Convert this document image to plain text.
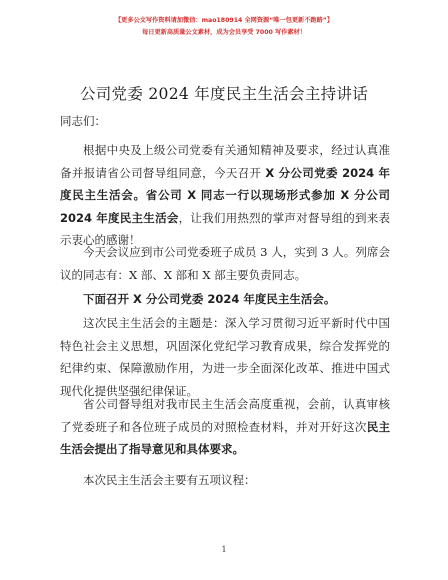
【更多公文写作资料请加微信：mao180914 全网资源“唯一包更新不跑路”】
每日更新高质量公文素材，成为会员享受 7000 写作素材！
公司党委 2024 年度民主生活会主持讲话

同志们：

根据中央及上级公司党委有关通知精神及要求，经过认真准备并报请省公司督导组同意，今天召开 X 分公司党委 2024 年度民主生活会。省公司 X 同志一行以现场形式参加 X 分公司 2024 年度民主生活会，让我们用热烈的掌声对督导组的到来表示衷心的感谢！

今天会议应到市公司党委班子成员 3 人，实到 3 人。列席会议的同志有：X 部、X 部和 X 部主要负责同志。

下面召开 X 分公司党委 2024 年度民主生活会。

这次民主生活会的主题是：深入学习贯彻习近平新时代中国特色社会主义思想，巩固深化党纪学习教育成果，综合发挥党的纪律约束、保障激励作用，为进一步全面深化改革、推进中国式现代化提供坚强纪律保证。

省公司督导组对我市民主生活会高度重视，会前，认真审核了党委班子和各位班子成员的对照检查材料，并对开好这次民主生活会提出了指导意见和具体要求。

本次民主生活会主要有五项议程：

1
